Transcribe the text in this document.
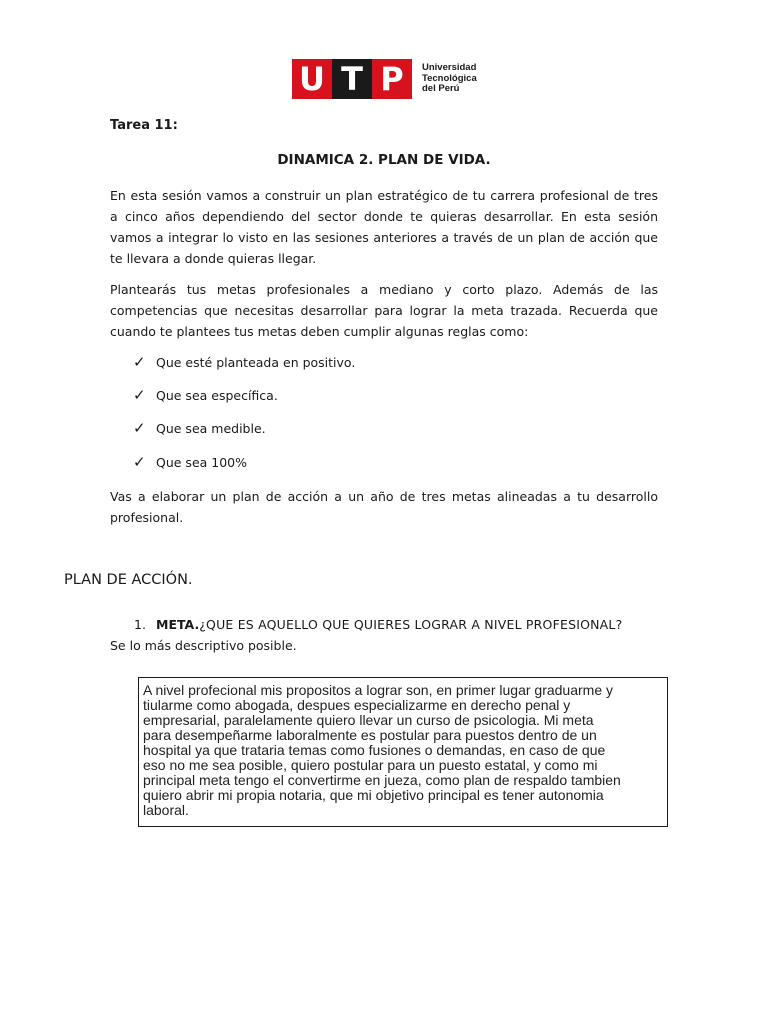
U T P	Universidad
Tecnológica
del Perú
Tarea 11:
DINAMICA 2. PLAN DE VIDA.
En esta sesión vamos a construir un plan estratégico de tu carrera profesional de tres a cinco años dependiendo del sector donde te quieras desarrollar. En esta sesión vamos a integrar lo visto en las sesiones anteriores a través de un plan de acción que te llevara a donde quieras llegar.
Plantearás tus metas profesionales a mediano y corto plazo. Además de las competencias que necesitas desarrollar para lograr la meta trazada. Recuerda que cuando te plantees tus metas deben cumplir algunas reglas como:
✓ Que esté planteada en positivo.
✓ Que sea específica.
✓ Que sea medible.
✓ Que sea 100%
Vas a elaborar un plan de acción a un año de tres metas alineadas a tu desarrollo profesional.
PLAN DE ACCIÓN.
1. META.¿QUE ES AQUELLO QUE QUIERES LOGRAR A NIVEL PROFESIONAL?
Se lo más descriptivo posible.
A nivel profecional mis propositos a lograr son, en primer lugar graduarme y
tiularme como abogada, despues especializarme en derecho penal y
empresarial, paralelamente quiero llevar un curso de psicologia. Mi meta
para desempeñarme laboralmente es postular para puestos dentro de un
hospital ya que trataria temas como fusiones o demandas, en caso de que
eso no me sea posible, quiero postular para un puesto estatal, y como mi
principal meta tengo el convertirme en jueza, como plan de respaldo tambien
quiero abrir mi propia notaria, que mi objetivo principal es tener autonomia
laboral.
